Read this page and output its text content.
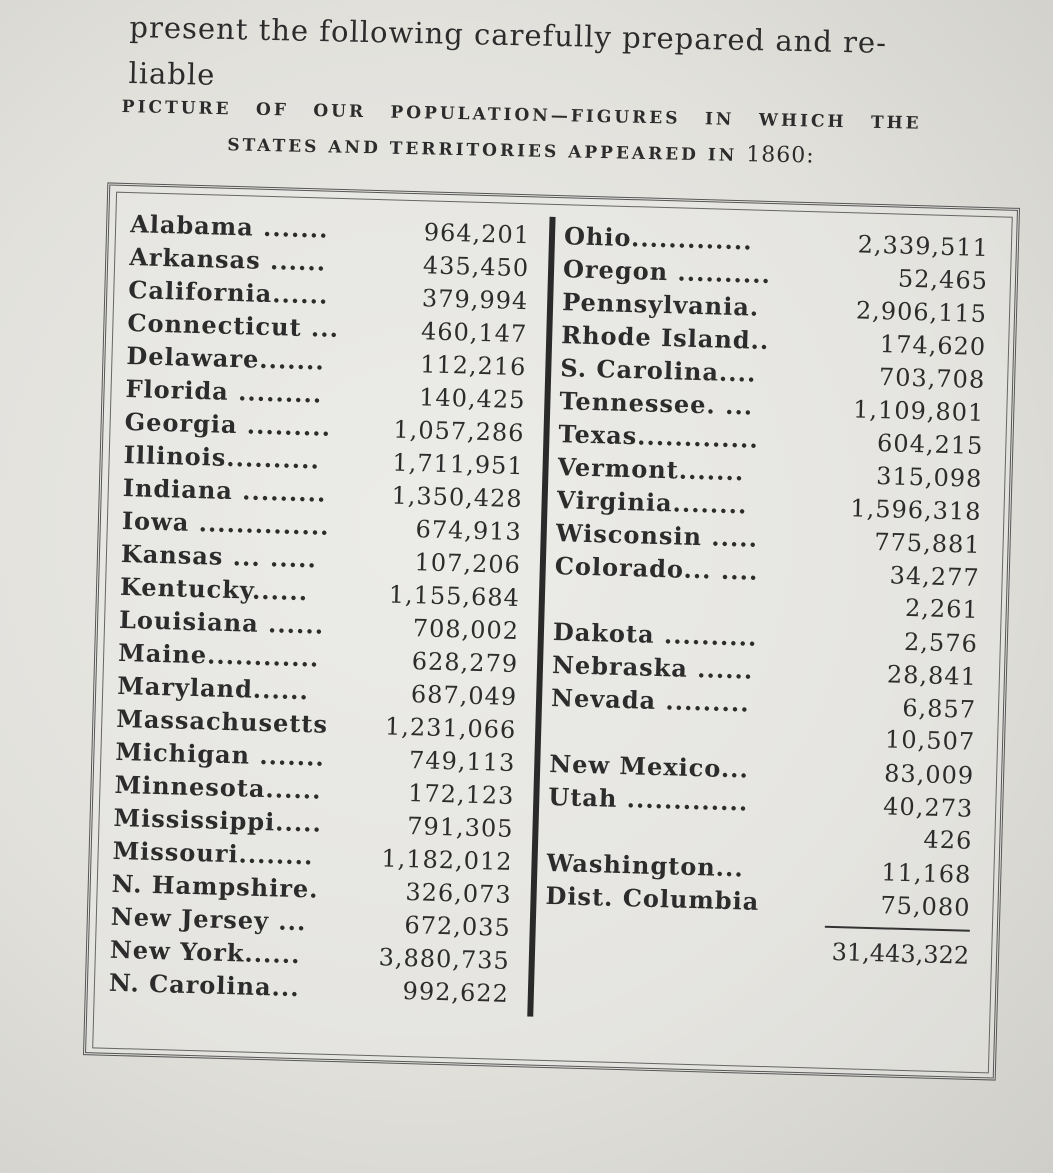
present the following carefully prepared and re-
liable
PICTURE OF OUR POPULATION—FIGURES IN WHICH THE
STATES AND TERRITORIES APPEARED IN 1860:
Alabama .......	964,201
Arkansas ......	435,450
California......	379,994
Connecticut ...	460,147
Delaware.......	112,216
Florida .........	140,425
Georgia .........	1,057,286
Illinois..........	1,711,951
Indiana .........	1,350,428
Iowa ..............	674,913
Kansas ... .....	107,206
Kentucky......	1,155,684
Louisiana ......	708,002
Maine............	628,279
Maryland......	687,049
Massachusetts 1,231,066
Michigan .......	749,113
Minnesota......	172,123
Mississippi.....	791,305
Missouri........	1,182,012
N. Hampshire.	326,073
New Jersey ...	672,035
New York......	3,880,735
N. Carolina...	992,622
Ohio.............	2,339,511
Oregon ..........	52,465
Pennsylvania.	2,906,115
Rhode Island..	174,620
S. Carolina....	703,708
Tennessee. ...	1,109,801
Texas.............	604,215
Vermont.......	315,098
Virginia........	1,596,318
Wisconsin .....	775,881
Colorado... ....	34,277
2,261
Dakota ..........	2,576
Nebraska ......	28,841
Nevada .........	6,857
10,507
New Mexico...	83,009
Utah .............	40,273
426
Washington...	11,168
Dist. Columbia	75,080
31,443,322
